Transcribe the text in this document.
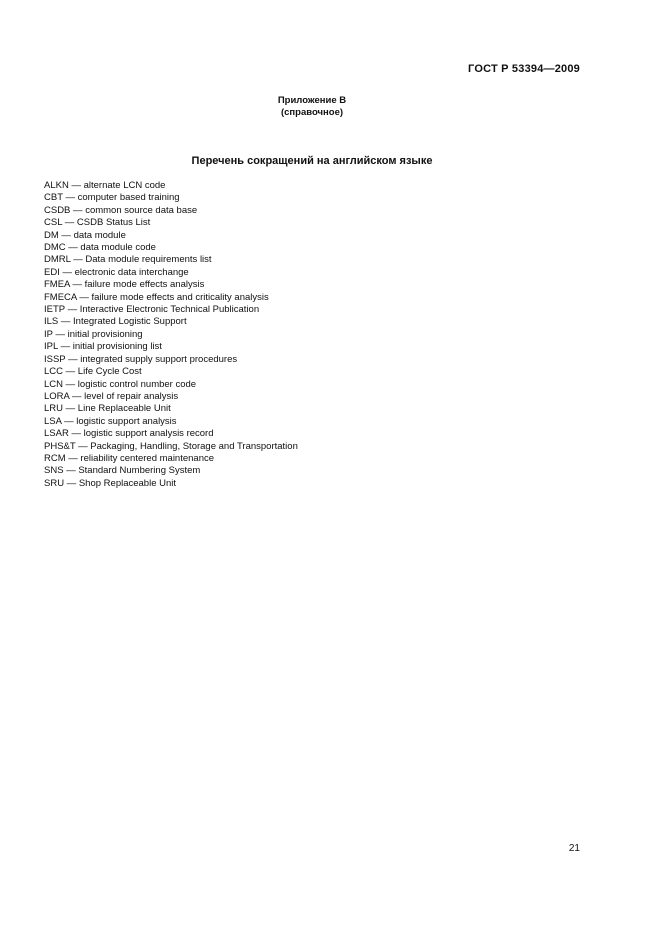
ГОСТ Р 53394—2009
Приложение В
(справочное)
Перечень сокращений на английском языке
ALKN — alternate LCN code
CBT — computer based training
CSDB — common source data base
CSL — CSDB Status List
DM — data module
DMC — data module code
DMRL — Data module requirements list
EDI — electronic data interchange
FMEA — failure mode effects analysis
FMECA — failure mode effects and criticality analysis
IETP — Interactive Electronic Technical Publication
ILS — Integrated Logistic Support
IP — initial provisioning
IPL — initial provisioning list
ISSP — integrated supply support procedures
LCC — Life Cycle Cost
LCN — logistic control number code
LORA — level of repair analysis
LRU — Line Replaceable Unit
LSA — logistic support analysis
LSAR — logistic support analysis record
PHS&T — Packaging, Handling, Storage and Transportation
RCM — reliability centered maintenance
SNS — Standard Numbering System
SRU — Shop Replaceable Unit
21
